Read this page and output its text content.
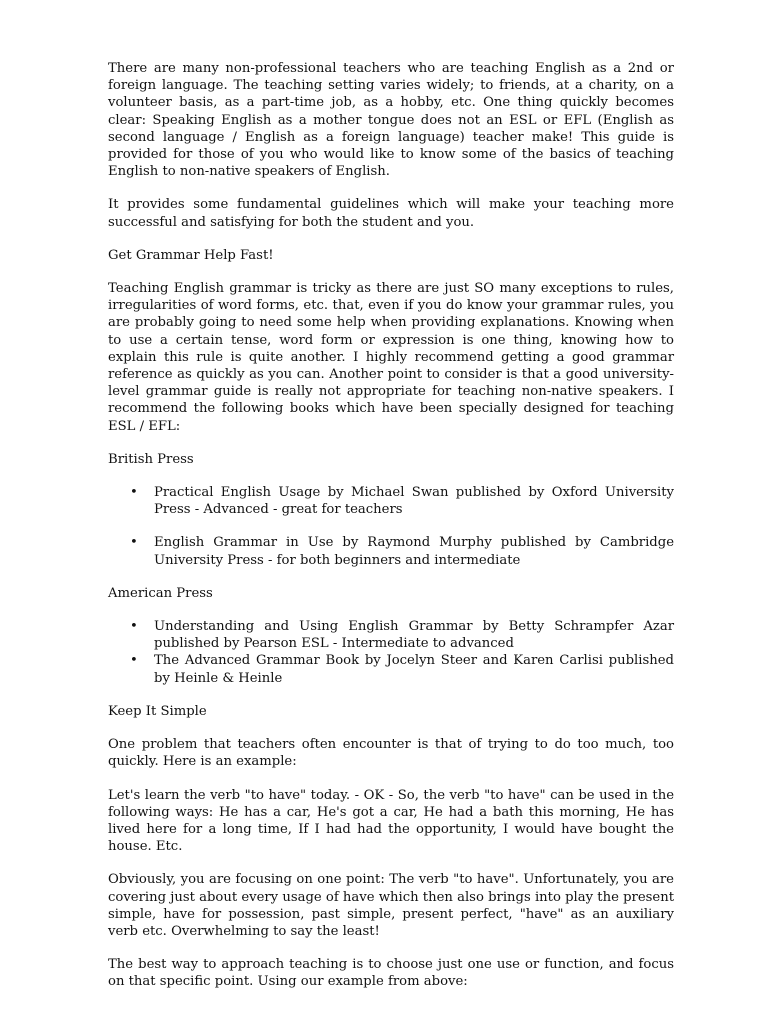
There are many non-professional teachers who are teaching English as a 2nd or foreign language. The teaching setting varies widely; to friends, at a charity, on a volunteer basis, as a part-time job, as a hobby, etc. One thing quickly becomes clear: Speaking English as a mother tongue does not an ESL or EFL (English as second language / English as a foreign language) teacher make! This guide is provided for those of you who would like to know some of the basics of teaching English to non-native speakers of English.

It provides some fundamental guidelines which will make your teaching more successful and satisfying for both the student and you.

Get Grammar Help Fast!

Teaching English grammar is tricky as there are just SO many exceptions to rules, irregularities of word forms, etc. that, even if you do know your grammar rules, you are probably going to need some help when providing explanations. Knowing when to use a certain tense, word form or expression is one thing, knowing how to explain this rule is quite another. I highly recommend getting a good grammar reference as quickly as you can. Another point to consider is that a good university-level grammar guide is really not appropriate for teaching non-native speakers. I recommend the following books which have been specially designed for teaching ESL / EFL:

British Press

• Practical English Usage by Michael Swan published by Oxford University Press - Advanced - great for teachers
• English Grammar in Use by Raymond Murphy published by Cambridge University Press - for both beginners and intermediate

American Press

• Understanding and Using English Grammar by Betty Schrampfer Azar published by Pearson ESL - Intermediate to advanced
• The Advanced Grammar Book by Jocelyn Steer and Karen Carlisi published by Heinle & Heinle

Keep It Simple

One problem that teachers often encounter is that of trying to do too much, too quickly. Here is an example:

Let's learn the verb "to have" today. - OK - So, the verb "to have" can be used in the following ways: He has a car, He's got a car, He had a bath this morning, He has lived here for a long time, If I had had the opportunity, I would have bought the house. Etc.

Obviously, you are focusing on one point: The verb "to have". Unfortunately, you are covering just about every usage of have which then also brings into play the present simple, have for possession, past simple, present perfect, "have" as an auxiliary verb etc. Overwhelming to say the least!

The best way to approach teaching is to choose just one use or function, and focus on that specific point. Using our example from above:
